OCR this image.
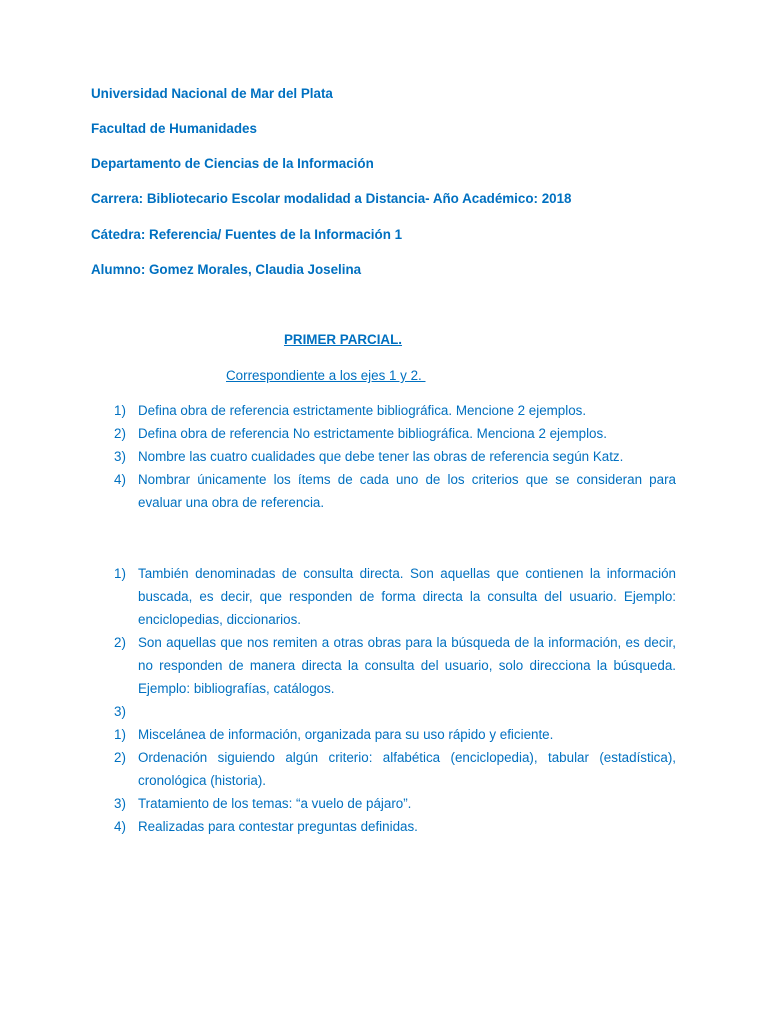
Universidad Nacional de Mar del Plata
Facultad de Humanidades
Departamento de Ciencias de la Información
Carrera: Bibliotecario Escolar modalidad a Distancia- Año Académico: 2018
Cátedra: Referencia/ Fuentes de la Información 1
Alumno: Gomez Morales, Claudia Joselina
PRIMER PARCIAL.
Correspondiente a los ejes 1 y 2.
1) Defina obra de referencia estrictamente bibliográfica. Mencione 2 ejemplos.
2) Defina obra de referencia No estrictamente bibliográfica. Menciona 2 ejemplos.
3) Nombre las cuatro cualidades que debe tener las obras de referencia según Katz.
4) Nombrar únicamente los ítems de cada uno de los criterios que se consideran para evaluar una obra de referencia.
1) También denominadas de consulta directa. Son aquellas que contienen la información buscada, es decir, que responden de forma directa la consulta del usuario. Ejemplo: enciclopedias, diccionarios.
2) Son aquellas que nos remiten a otras obras para la búsqueda de la información, es decir, no responden de manera directa la consulta del usuario, solo direcciona la búsqueda. Ejemplo: bibliografías, catálogos.
3)
1) Miscelánea de información, organizada para su uso rápido y eficiente.
2) Ordenación siguiendo algún criterio: alfabética (enciclopedia), tabular (estadística), cronológica (historia).
3) Tratamiento de los temas: “a vuelo de pájaro”.
4) Realizadas para contestar preguntas definidas.
